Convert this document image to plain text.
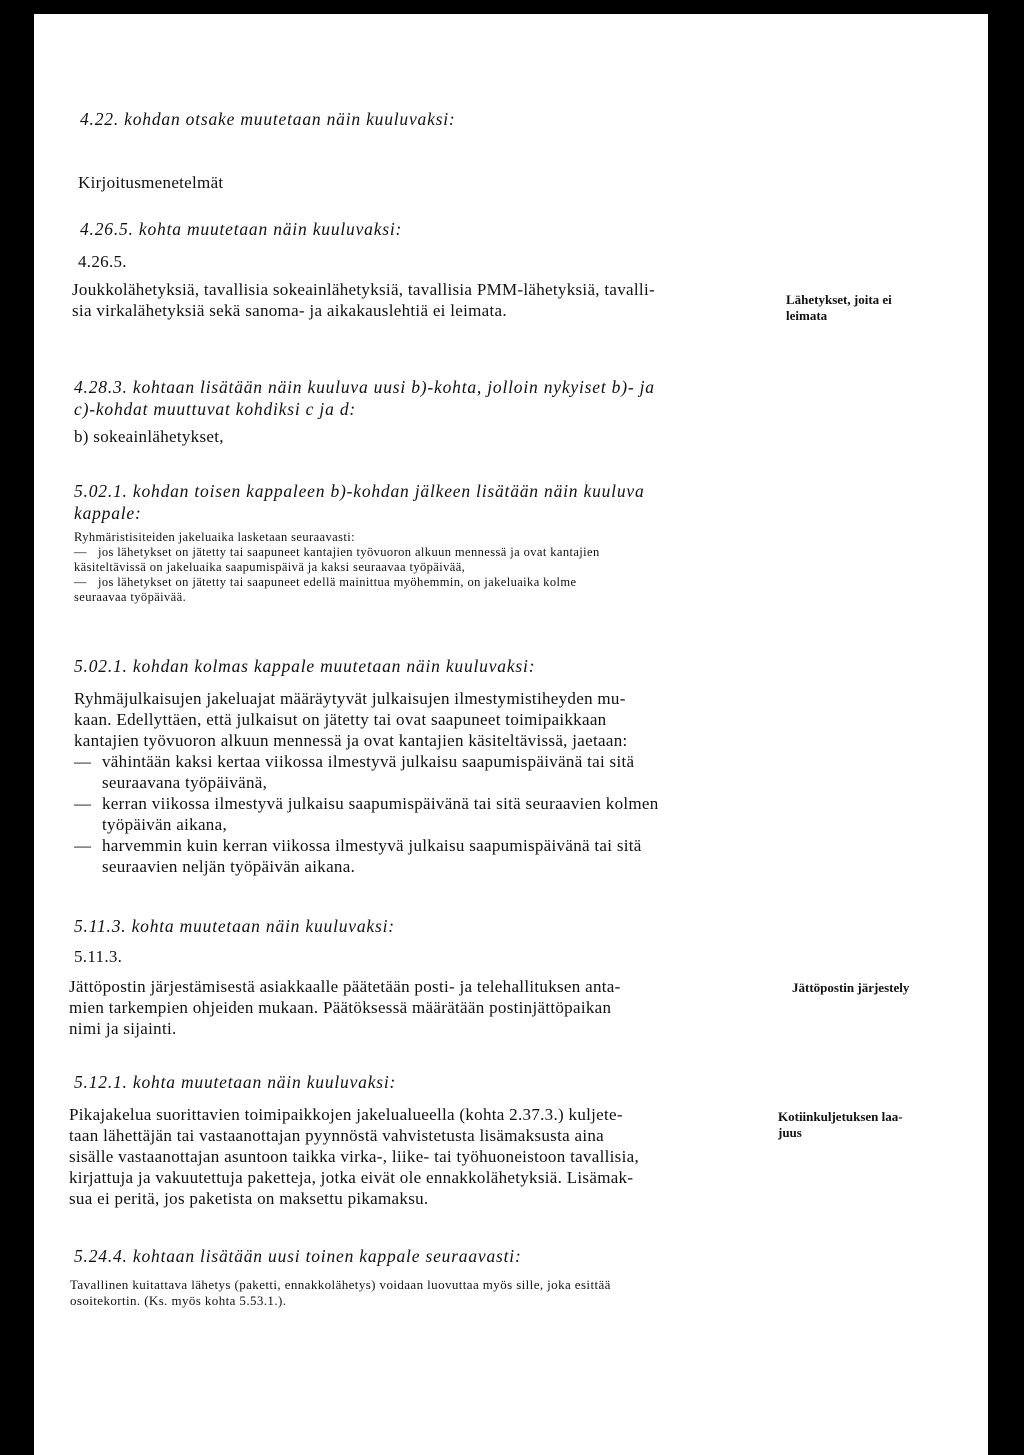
4.22. kohdan otsake muutetaan näin kuuluvaksi:
Kirjoitusmenetelmät
4.26.5. kohta muutetaan näin kuuluvaksi:
4.26.5.
Joukkolähetyksiä, tavallisia sokeainlähetyksiä, tavallisia PMM-lähetyksiä, tavalli-
sia virkalähetyksiä sekä sanoma- ja aikakauslehtiä ei leimata.
Lähetykset, joita ei
leimata
4.28.3. kohtaan lisätään näin kuuluva uusi b)-kohta, jolloin nykyiset b)- ja
c)-kohdat muuttuvat kohdiksi c ja d:
b) sokeainlähetykset,
5.02.1. kohdan toisen kappaleen b)-kohdan jälkeen lisätään näin kuuluva
kappale:
Ryhmäristisiteiden jakeluaika lasketaan seuraavasti:
— jos lähetykset on jätetty tai saapuneet kantajien työvuoron alkuun mennessä ja ovat kantajien
käsiteltävissä on jakeluaika saapumispäivä ja kaksi seuraavaa työpäivää,
— jos lähetykset on jätetty tai saapuneet edellä mainittua myöhemmin, on jakeluaika kolme
seuraavaa työpäivää.
5.02.1. kohdan kolmas kappale muutetaan näin kuuluvaksi:
Ryhmäjulkaisujen jakeluajat määräytyvät julkaisujen ilmestymistiheyden mu-
kaan. Edellyttäen, että julkaisut on jätetty tai ovat saapuneet toimipaikkaan
kantajien työvuoron alkuun mennessä ja ovat kantajien käsiteltävissä, jaetaan:
— vähintään kaksi kertaa viikossa ilmestyvä julkaisu saapumispäivänä tai sitä
seuraavana työpäivänä,
— kerran viikossa ilmestyvä julkaisu saapumispäivänä tai sitä seuraavien kolmen
työpäivän aikana,
— harvemmin kuin kerran viikossa ilmestyvä julkaisu saapumispäivänä tai sitä
seuraavien neljän työpäivän aikana.
5.11.3. kohta muutetaan näin kuuluvaksi:
5.11.3.
Jättöpostin järjestämisestä asiakkaalle päätetään posti- ja telehallituksen anta-
mien tarkempien ohjeiden mukaan. Päätöksessä määrätään postinjättöpaikan
nimi ja sijainti.
Jättöpostin järjestely
5.12.1. kohta muutetaan näin kuuluvaksi:
Pikajakelua suorittavien toimipaikkojen jakelualueella (kohta 2.37.3.) kuljete-
taan lähettäjän tai vastaanottajan pyynnöstä vahvistetusta lisämaksusta aina
sisälle vastaanottajan asuntoon taikka virka-, liike- tai työhuoneistoon tavallisia,
kirjattuja ja vakuutettuja paketteja, jotka eivät ole ennakkolähetyksiä. Lisämak-
sua ei peritä, jos paketista on maksettu pikamaksu.
Kotiinkuljetuksen laa-
juus
5.24.4. kohtaan lisätään uusi toinen kappale seuraavasti:
Tavallinen kuitattava lähetys (paketti, ennakkolähetys) voidaan luovuttaa myös sille, joka esittää
osoitekortin. (Ks. myös kohta 5.53.1.).
